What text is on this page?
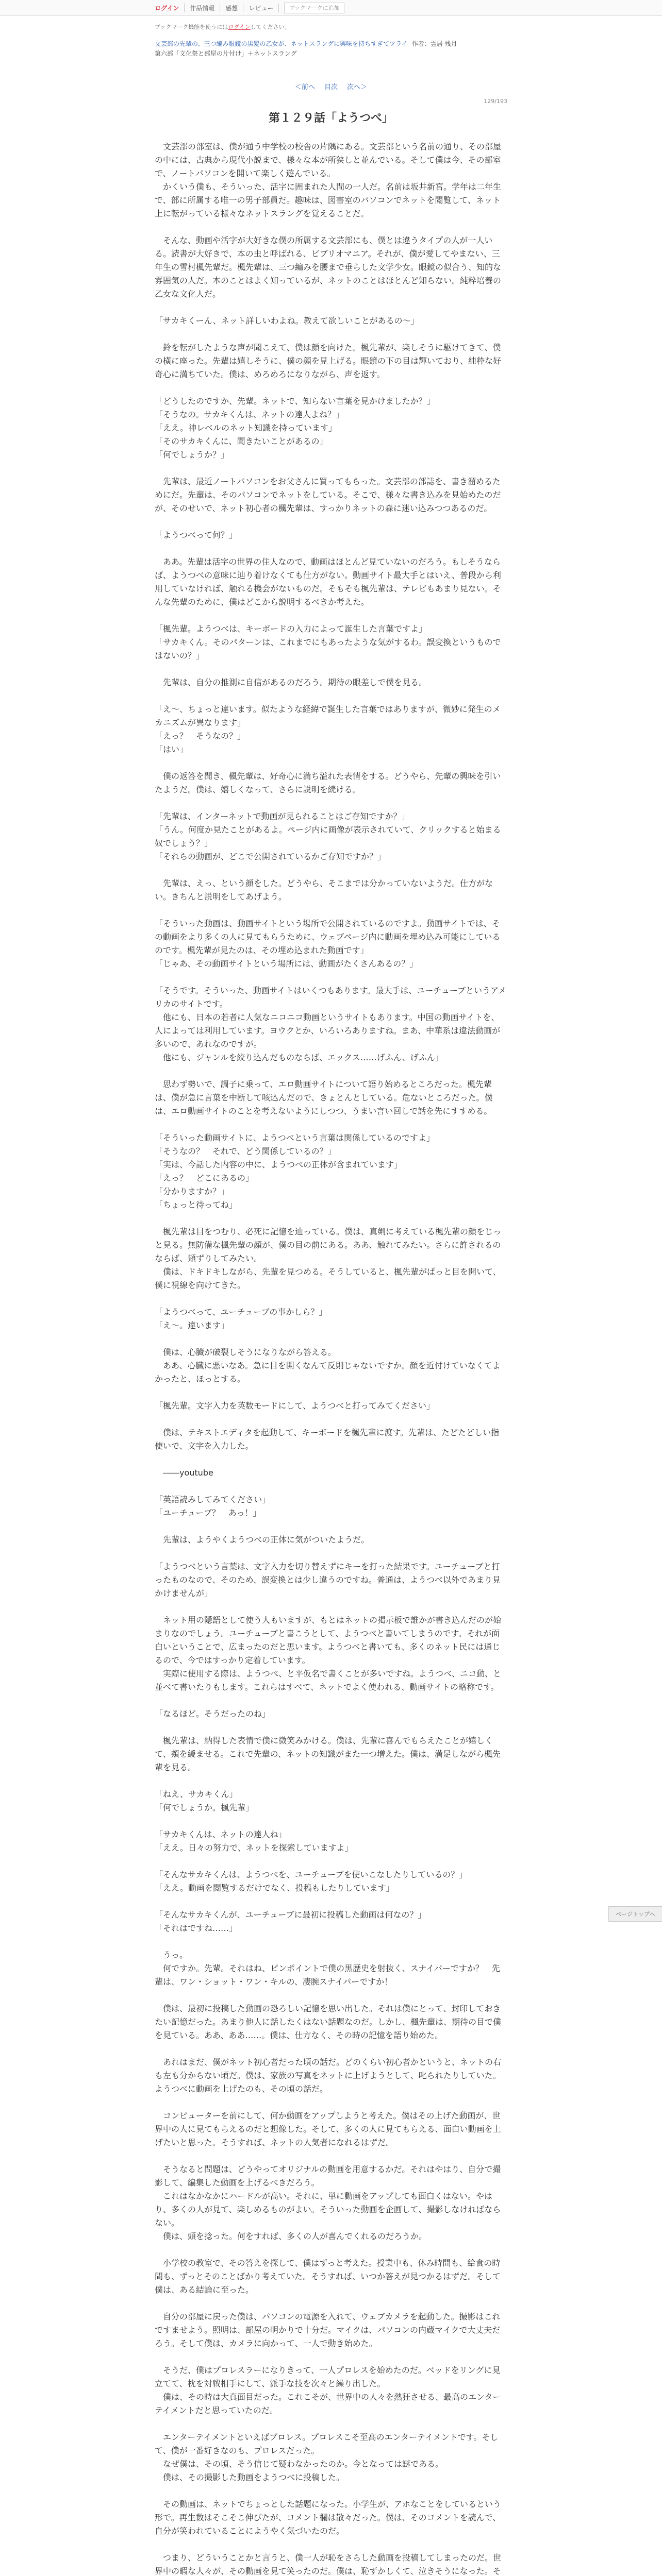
ログイン	作品情報	感想	レビュー	ブックマークに追加
ブックマーク機能を使うにはログインしてください。
文芸部の先輩の、三つ編み眼鏡の黒髪の乙女が、ネットスラングに興味を持ちすぎてツライ 作者：雲居 残月
第六部「文化祭と部屋の片付け」＋ネットスラング
＜前へ 目次 次へ＞
129/193
第１２９話「ようつべ」

　文芸部の部室は、僕が通う中学校の校舎の片隅にある。文芸部という名前の通り、その部屋の中には、古典から現代小説まで、様々な本が所狭しと並んでいる。そして僕は今、その部室で、ノートパソコンを開いて楽しく遊んでいる。
　かくいう僕も、そういった、活字に囲まれた人間の一人だ。名前は坂井新宮。学年は二年生で、部に所属する唯一の男子部員だ。趣味は、図書室のパソコンでネットを閲覧して、ネット上に転がっている様々なネットスラングを覚えることだ。

　そんな、動画や活字が大好きな僕の所属する文芸部にも、僕とは違うタイプの人が一人いる。読書が大好きで、本の虫と呼ばれる、ビブリオマニア。それが、僕が愛してやまない、三年生の雪村楓先輩だ。楓先輩は、三つ編みを腰まで垂らした文学少女。眼鏡の似合う、知的な雰囲気の人だ。本のことはよく知っているが、ネットのことはほとんど知らない。純粋培養の乙女な文化人だ。

「サカキくーん、ネット詳しいわよね。教えて欲しいことがあるの～」

　鈴を転がしたような声が聞こえて、僕は顔を向けた。楓先輩が、楽しそうに駆けてきて、僕の横に座った。先輩は嬉しそうに、僕の顔を見上げる。眼鏡の下の目は輝いており、純粋な好奇心に満ちていた。僕は、めろめろになりながら、声を返す。

「どうしたのですか、先輩。ネットで、知らない言葉を見かけましたか？」
「そうなの。サカキくんは、ネットの達人よね？」
「ええ。神レベルのネット知識を持っています」
「そのサカキくんに、聞きたいことがあるの」
「何でしょうか？」

　先輩は、最近ノートパソコンをお父さんに買ってもらった。文芸部の部誌を、書き溜めるためにだ。先輩は、そのパソコンでネットをしている。そこで、様々な書き込みを見始めたのだが、そのせいで、ネット初心者の楓先輩は、すっかりネットの森に迷い込みつつあるのだ。

「ようつべって何？」

　ああ。先輩は活字の世界の住人なので、動画はほとんど見ていないのだろう。もしそうならば、ようつべの意味に辿り着けなくても仕方がない。動画サイト最大手とはいえ、普段から利用していなければ、触れる機会がないものだ。そもそも楓先輩は、テレビもあまり見ない。そんな先輩のために、僕はどこから説明するべきか考えた。

「楓先輩。ようつべは、キーボードの入力によって誕生した言葉ですよ」
「サカキくん。そのパターンは、これまでにもあったような気がするわ。誤変換というものではないの？」

　先輩は、自分の推測に自信があるのだろう。期待の眼差しで僕を見る。

「え～、ちょっと違います。似たような経緯で誕生した言葉ではありますが、微妙に発生のメカニズムが異なります」
「えっ？　そうなの？」
「はい」

　僕の返答を聞き、楓先輩は、好奇心に満ち溢れた表情をする。どうやら、先輩の興味を引いたようだ。僕は、嬉しくなって、さらに説明を続ける。

「先輩は、インターネットで動画が見られることはご存知ですか？」
「うん。何度か見たことがあるよ。ページ内に画像が表示されていて、クリックすると始まる奴でしょう？」
「それらの動画が、どこで公開されているかご存知ですか？」

　先輩は、えっ、という顔をした。どうやら、そこまでは分かっていないようだ。仕方がない。きちんと説明をしてあげよう。

「そういった動画は、動画サイトという場所で公開されているのですよ。動画サイトでは、その動画をより多くの人に見てもらうために、ウェブページ内に動画を埋め込み可能にしているのです。楓先輩が見たのは、その埋め込まれた動画です」
「じゃあ、その動画サイトという場所には、動画がたくさんあるの？」

「そうです。そういった、動画サイトはいくつもあります。最大手は、ユーチューブというアメリカのサイトです。
　他にも、日本の若者に人気なニコニコ動画というサイトもあります。中国の動画サイトを、人によっては利用しています。ヨウクとか、いろいろありますね。まあ、中華系は違法動画が多いので、あれなのですが。
　他にも、ジャンルを絞り込んだものならば、エックス……げふん、げふん」

　思わず勢いで、調子に乗って、エロ動画サイトについて語り始めるところだった。楓先輩は、僕が急に言葉を中断して咳込んだので、きょとんとしている。危ないところだった。僕は、エロ動画サイトのことを考えないようにしつつ、うまい言い回しで話を先にすすめる。

「そういった動画サイトに、ようつべという言葉は関係しているのですよ」
「そうなの？　それで、どう関係しているの？」
「実は、今話した内容の中に、ようつべの正体が含まれています」
「えっ？　どこにあるの」
「分かりますか？」
「ちょっと待ってね」

　楓先輩は目をつむり、必死に記憶を辿っている。僕は、真剣に考えている楓先輩の顔をじっと見る。無防備な楓先輩の顔が、僕の目の前にある。ああ、触れてみたい。さらに許されるのならば、頬ずりしてみたい。
　僕は、ドキドキしながら、先輩を見つめる。そうしていると、楓先輩がぱっと目を開いて、僕に視線を向けてきた。

「ようつべって、ユーチューブの事かしら？」
「え～。違います」

　僕は、心臓が破裂しそうになりながら答える。
　ああ、心臓に悪いなあ。急に目を開くなんて反則じゃないですか。顔を近付けていなくてよかったと、ほっとする。

「楓先輩。文字入力を英数モードにして、ようつべと打ってみてください」

　僕は、テキストエディタを起動して、キーボードを楓先輩に渡す。先輩は、たどたどしい指使いで、文字を入力した。

　――youtube

「英語読みしてみてください」
「ユーチューブ？　あっ！」

　先輩は、ようやくようつべの正体に気がついたようだ。

「ようつべという言葉は、文字入力を切り替えずにキーを打った結果です。ユーチューブと打ったものなので、そのため、誤変換とは少し違うのですね。普通は、ようつべ以外であまり見かけませんが」

　ネット用の隠語として使う人もいますが、もとはネットの掲示板で誰かが書き込んだのが始まりなのでしょう。ユーチューブと書こうとして、ようつべと書いてしまうのです。それが面白いということで、広まったのだと思います。ようつべと書いても、多くのネット民には通じるので、今ではすっかり定着しています。
　実際に使用する際は、ようつべ、と平仮名で書くことが多いですね。ようつべ、ニコ動、と並べて書いたりもします。これらはすべて、ネットでよく使われる、動画サイトの略称です。

「なるほど。そうだったのね」

　楓先輩は、納得した表情で僕に微笑みかける。僕は、先輩に喜んでもらえたことが嬉しくて、頬を緩ませる。これで先輩の、ネットの知識がまた一つ増えた。僕は、満足しながら楓先輩を見る。

「ねえ、サカキくん」
「何でしょうか。楓先輩」

「サカキくんは、ネットの達人ね」
「ええ。日々の努力で、ネットを探索していますよ」

「そんなサカキくんは、ようつべを、ユーチューブを使いこなしたりしているの？」
「ええ。動画を閲覧するだけでなく、投稿もしたりしています」

「そんなサカキくんが、ユーチューブに最初に投稿した動画は何なの？」
「それはですね……」

　うっ。
　何ですか。先輩。それはね、ピンポイントで僕の黒歴史を射抜く、スナイパーですか？　先輩は、ワン・ショット・ワン・キルの、凄腕スナイパーですか！

　僕は、最初に投稿した動画の恐ろしい記憶を思い出した。それは僕にとって、封印しておきたい記憶だった。あまり他人に話したくはない話題なのだ。しかし、楓先輩は、期待の目で僕を見ている。ああ、ああ……。僕は、仕方なく、その時の記憶を語り始めた。

　あれはまだ、僕がネット初心者だった頃の話だ。どのくらい初心者かというと、ネットの右も左も分からない頃だ。僕は、家族の写真をネットに上げようとして、叱られたりしていた。ようつべに動画を上げたのも、その頃の話だ。

　コンピューターを前にして、何か動画をアップしようと考えた。僕はその上げた動画が、世界中の人に見てもらえるのだと想像した。そして、多くの人に見てもらえる、面白い動画を上げたいと思った。そうすれば、ネットの人気者になれるはずだ。

　そうなると問題は、どうやってオリジナルの動画を用意するかだ。それはやはり、自分で撮影して、編集した動画を上げるべきだろう。
　これはなかなかにハードルが高い。それに、単に動画をアップしても面白くはない。やはり、多くの人が見て、楽しめるものがよい。そういった動画を企画して、撮影しなければならない。
　僕は、頭を捻った。何をすれば、多くの人が喜んでくれるのだろうか。

　小学校の教室で、その答えを探して、僕はずっと考えた。授業中も、休み時間も、給食の時間も、ずっとそのことばかり考えていた。そうすれば、いつか答えが見つかるはずだ。そして僕は、ある結論に至った。

　自分の部屋に戻った僕は、パソコンの電源を入れて、ウェブカメラを起動した。撮影はこれですませよう。照明は、部屋の明かりで十分だ。マイクは、パソコンの内蔵マイクで大丈夫だろう。そして僕は、カメラに向かって、一人で動き始めた。

　そうだ、僕はプロレスラーになりきって、一人プロレスを始めたのだ。ベッドをリングに見立てて、枕を対戦相手にして、派手な技を次々と繰り出した。
　僕は、その時は大真面目だった。これこそが、世界中の人々を熱狂させる、最高のエンターテイメントだと思っていたのだ。

　エンターテイメントといえばプロレス。プロレスこそ至高のエンターテイメントです。そして、僕が一番好きなのも、プロレスだった。
　なぜ僕は、その頃、そう信じて疑わなかったのか。今となっては謎である。
　僕は、その撮影した動画をようつべに投稿した。

　その動画は、ネットでちょっとした話題になった。小学生が、アホなことをしているという形で。再生数はそこそこ伸びたが、コメント欄は散々だった。僕は、そのコメントを読んで、自分が笑われていることにようやく気づいたのだ。

　つまり、どういうことかと言うと、僕一人が恥をさらした動画を投稿してしまったのだ。世界中の暇な人々が、その動画を見て笑ったのだ。僕は、恥ずかしくて、泣きそうになった。そ

ページトップへ
